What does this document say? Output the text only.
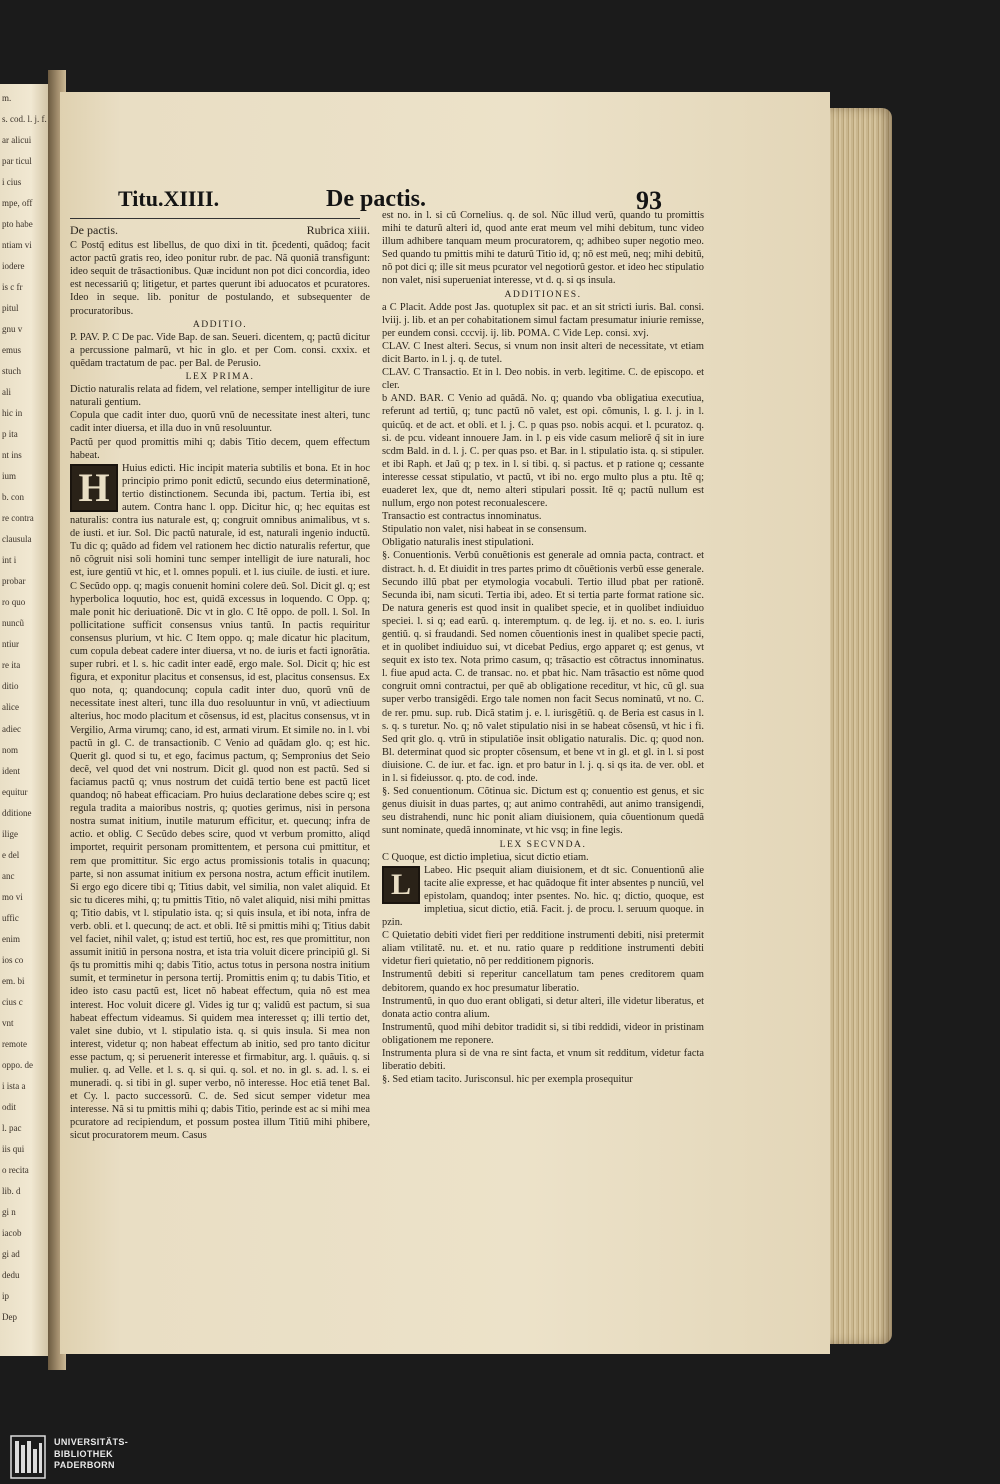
m.
s. cod. l. j. f.
ar alicui
par ticul
i cius
mpe, off
pto habe
ntiam vi
iodere
is c fr
pitul
gnu v
emus
stuch
ali
hic in
p ita
nt ins
ium
b. con
re contra
clausula
int i
probar
ro quo
nuncũ
ntiur
re ita
ditio
alice
adiec
nom
ident
equitur
dditione
ilige
e del
anc
mo vi
uffic
enim
ios co
em. bi
cius c
vnt
remote
oppo. de
i ista a
odit
l. pac
iis qui
o recita
lib. d
gi n
iacob
gi ad
dedu
ip
Dep
Titu.XIIII.	De pactis.	93
De pactis.	Rubrica xiiii.

C Postq̃ editus est libellus, de quo dixi in tit. p̃cedenti, quãdoq; facit actor pactũ gratis reo, ideo ponitur rubr. de pac. Nã quoniã transfigunt: ideo sequit de trãsactionibus. Quæ incidunt non pot dici concordia, ideo est necessariũ q; litigetur, et partes querunt ibi aduocatos et pcuratores. Ideo in seque. lib. ponitur de postulando, et subsequenter de procuratoribus.

ADDITIO.

P. PAV. P. C De pac. Vide Bap. de san. Seueri. dicentem, q; pactũ dicitur a percussione palmarũ, vt hic in glo. et per Com. consi. cxxix. et quẽdam tractatum de pac. per Bal. de Perusio.

LEX PRIMA.

Dictio naturalis relata ad fidem, vel relatione, semper intelligitur de iure naturali gentium.

Copula que cadit inter duo, quorũ vnũ de necessitate inest alteri, tunc cadit inter diuersa, et illa duo in vnũ resoluuntur.

Pactũ per quod promittis mihi q; dabis Titio decem, quem effectum habeat.

H	Huius edicti. Hic incipit materia subtilis et bona. Et in hoc principio primo ponit edictũ, secundo eius determinationẽ, tertio distinctionem. Secunda ibi, pactum. Tertia ibi, est autem. Contra hanc l. opp. Dicitur hic, q; hec equitas est naturalis: contra ius naturale est, q; congruit omnibus animalibus, vt s. de iusti. et iur. Sol. Dic pactũ naturale, id est, naturali ingenio inductũ. Tu dic q; quãdo ad fidem vel rationem hec dictio naturalis refertur, que nõ cõgruit nisi soli homini tunc semper intelligit de iure naturali, hoc est, iure gentiũ vt hic, et l. omnes populi. et l. ius ciuile. de iusti. et iure. C Secũdo opp. q; magis conuenit homini colere deũ. Sol. Dicit gl. q; est hyperbolica loquutio, hoc est, quidã excessus in loquendo. C Opp. q; male ponit hic deriuationẽ. Dic vt in glo. C Itẽ oppo. de poll. l. Sol. In pollicitatione sufficit consensus vnius tantũ. In pactis requiritur consensus plurium, vt hic. C Item oppo. q; male dicatur hic placitum, cum copula debeat cadere inter diuersa, vt no. de iuris et facti ignorãtia. super rubri. et l. s. hic cadit inter eadẽ, ergo male. Sol. Dicit q; hic est figura, et exponitur placitus et consensus, id est, placitus consensus. Ex quo nota, q; quandocunq; copula cadit inter duo, quorũ vnũ de necessitate inest alteri, tunc illa duo resoluuntur in vnũ, vt adiectiuum alterius, hoc modo placitum et cõsensus, id est, placitus consensus, vt in Vergilio, Arma virumq; cano, id est, armati virum. Et simile no. in l. vbi pactũ in gl. C. de transactionib. C Venio ad quãdam glo. q; est hic. Querit gl. quod si tu, et ego, facimus pactum, q; Sempronius det Seio decẽ, vel quod det vni nostrum. Dicit gl. quod non est pactũ. Sed si faciamus pactũ q; vnus nostrum det cuidã tertio bene est pactũ licet quandoq; nõ habeat efficaciam. Pro huius declaratione debes scire q; est regula tradita a maioribus nostris, q; quoties gerimus, nisi in persona nostra sumat initium, inutile maturum efficitur, et. quecunq; infra de actio. et oblig. C Secũdo debes scire, quod vt verbum promitto, aliqd importet, requirit personam promittentem, et persona cui pmittitur, et rem que promittitur. Sic ergo actus promissionis totalis in quacunq; parte, si non assumat initium ex persona nostra, actum efficit inutilem. Si ergo ego dicere tibi q; Titius dabit, vel similia, non valet aliquid. Et sic tu diceres mihi, q; tu pmittis Titio, nõ valet aliquid, nisi mihi pmittas q; Titio dabis, vt l. stipulatio ista. q; si quis insula, et ibi nota, infra de verb. obli. et l. quecunq; de act. et obli. Itẽ si pmittis mihi q; Titius dabit vel faciet, nihil valet, q; istud est tertiũ, hoc est, res que promittitur, non assumit initiũ in persona nostra, et ista tria voluit dicere principiũ gl. Si q̃s tu promittis mihi q; dabis Titio, actus totus in persona nostra initium sumit, et terminetur in persona tertij. Promittis enim q; tu dabis Titio, et ideo isto casu pactũ est, licet nõ habeat effectum, quia nõ est mea interest. Hoc voluit dicere gl. Vides ig tur q; validũ est pactum, si sua habeat effectum videamus. Si quidem mea interesset q; illi tertio det, valet sine dubio, vt l. stipulatio ista. q. si quis insula. Si mea non interest, videtur q; non habeat effectum ab initio, sed pro tanto dicitur esse pactum, q; si peruenerit interesse et firmabitur, arg. l. quãuis. q. si mulier. q. ad Velle. et l. s. q. si qui. q. sol. et no. in gl. s. ad. l. s. ei muneradi. q. si tibi in gl. super verbo, nõ interesse. Hoc etiã tenet Bal. et Cy. l. pacto successorũ. C. de. Sed sicut semper videtur mea interesse. Nã si tu pmittis mihi q; dabis Titio, perinde est ac si mihi mea pcuratore ad recipiendum, et possum postea illum Titiũ mihi phibere, sicut procuratorem meum. Casus

est no. in l. si cũ Cornelius. q. de sol. Nũc illud verũ, quando tu promittis mihi te daturũ alteri id, quod ante erat meum vel mihi debitum, tunc video illum adhibere tanquam meum procuratorem, q; adhibeo super negotio meo. Sed quando tu pmittis mihi te daturũ Titio id, q; nõ est meũ, neq; mihi debitũ, nõ pot dici q; ille sit meus pcurator vel negotiorũ gestor. et ideo hec stipulatio non valet, nisi superueniat interesse, vt d. q. si qs insula.

ADDITIONES.

a C Placit. Adde post Jas. quotuplex sit pac. et an sit stricti iuris. Bal. consi. lviij. j. lib. et an per cohabitationem simul factam presumatur iniurie remisse, per eundem consi. cccvij. ij. lib. POMA. C Vide Lep. consi. xvj.

CLAV. C Inest alteri. Secus, si vnum non insit alteri de necessitate, vt etiam dicit Barto. in l. j. q. de tutel.

CLAV. C Transactio. Et in l. Deo nobis. in verb. legitime. C. de episcopo. et cler.

b AND. BAR. C Venio ad quãdã. No. q; quando vba obligatiua executiua, referunt ad tertiũ, q; tunc pactũ nõ valet, est opi. cõmunis, l. g. l. j. in l. quicũq. et de act. et obli. et l. j. C. p quas pso. nobis acqui. et l. pcuratoz. q. si. de pcu. videant innouere Jam. in l. p eis vide casum meliorẽ q̃ sit in iure scdm Bald. in d. l. j. C. per quas pso. et Bar. in l. stipulatio ista. q. si stipuler. et ibi Raph. et Jaũ q; p tex. in l. si tibi. q. si pactus. et p ratione q; cessante interesse cessat stipulatio, vt pactũ, vt ibi no. ergo multo plus a ptu. Itẽ q; euaderet lex, que dt, nemo alteri stipulari possit. Itẽ q; pactũ nullum est nullum, ergo non potest reconualescere.

Transactio est contractus innominatus.

Stipulatio non valet, nisi habeat in se consensum.

Obligatio naturalis inest stipulationi.

§. Conuentionis. Verbũ conuẽtionis est generale ad omnia pacta, contract. et distract. h. d. Et diuidit in tres partes primo dt cõuẽtionis verbũ esse generale. Secundo illũ pbat per etymologia vocabuli. Tertio illud pbat per rationẽ. Secunda ibi, nam sicuti. Tertia ibi, adeo. Et si tertia parte format ratione sic. De natura generis est quod insit in qualibet specie, et in quolibet indiuiduo speciei. l. si q; ead earũ. q. interemptum. q. de leg. ij. et no. s. eo. l. iuris gentiũ. q. si fraudandi. Sed nomen cõuentionis inest in qualibet specie pacti, et in quolibet indiuiduo sui, vt dicebat Pedius, ergo apparet q; est genus, vt sequit ex isto tex. Nota primo casum, q; trãsactio est cõtractus innominatus. l. fiue apud acta. C. de transac. no. et pbat hic. Nam trãsactio est nõme quod congruit omni contractui, per quẽ ab obligatione receditur, vt hic, cũ gl. sua super verbo transigẽdi. Ergo tale nomen non facit Secus nominatũ, vt no. C. de rer. pmu. sup. rub. Dicã statim j. e. l. iurisgẽtiũ. q. de Beria est casus in l. s. q. s turetur. No. q; nõ valet stipulatio nisi in se habeat cõsensũ, vt hic i fi. Sed qrit glo. q. vtrũ in stipulatiõe insit obligatio naturalis. Dic. q; quod non. Bl. determinat quod sic propter cõsensum, et bene vt in gl. et gl. in l. si post diuisione. C. de iur. et fac. ign. et pro batur in l. j. q. si qs ita. de ver. obl. et in l. si fideiussor. q. pto. de cod. inde.

§. Sed conuentionum. Cõtinua sic. Dictum est q; conuentio est genus, et sic genus diuisit in duas partes, q; aut animo contrahẽdi, aut animo transigendi, seu distrahendi, nunc hic ponit aliam diuisionem, quia cõuentionum quedã sunt nominate, quedã innominate, vt hic vsq; in fine legis.

LEX SECVNDA.

C Quoque, est dictio impletiua, sicut dictio etiam.

L	Labeo. Hic psequit aliam diuisionem, et dt sic. Conuentionũ alie tacite alie expresse, et hac quãdoque fit inter absentes p nunciũ, vel epistolam, quandoq; inter psentes. No. hic. q; dictio, quoque, est impletiua, sicut dictio, etiã. Facit. j. de procu. l. seruum quoque. in pzin.

C Quietatio debiti videt fieri per redditione instrumenti debiti, nisi pretermit aliam vtilitatẽ. nu. et. et nu. ratio quare p redditione instrumenti debiti videtur fieri quietatio, nõ per redditionem pignoris.

Instrumentũ debiti si reperitur cancellatum tam penes creditorem quam debitorem, quando ex hoc presumatur liberatio.

Instrumentũ, in quo duo erant obligati, si detur alteri, ille videtur liberatus, et donata actio contra alium.

Instrumentũ, quod mihi debitor tradidit si, si tibi reddidi, videor in pristinam obligationem me reponere.

Instrumenta plura si de vna re sint facta, et vnum sit redditum, videtur facta liberatio debiti.

§. Sed etiam tacito. Jurisconsul. hic per exempla prosequitur

UNIVERSITÄTS-
BIBLIOTHEK
PADERBORN
